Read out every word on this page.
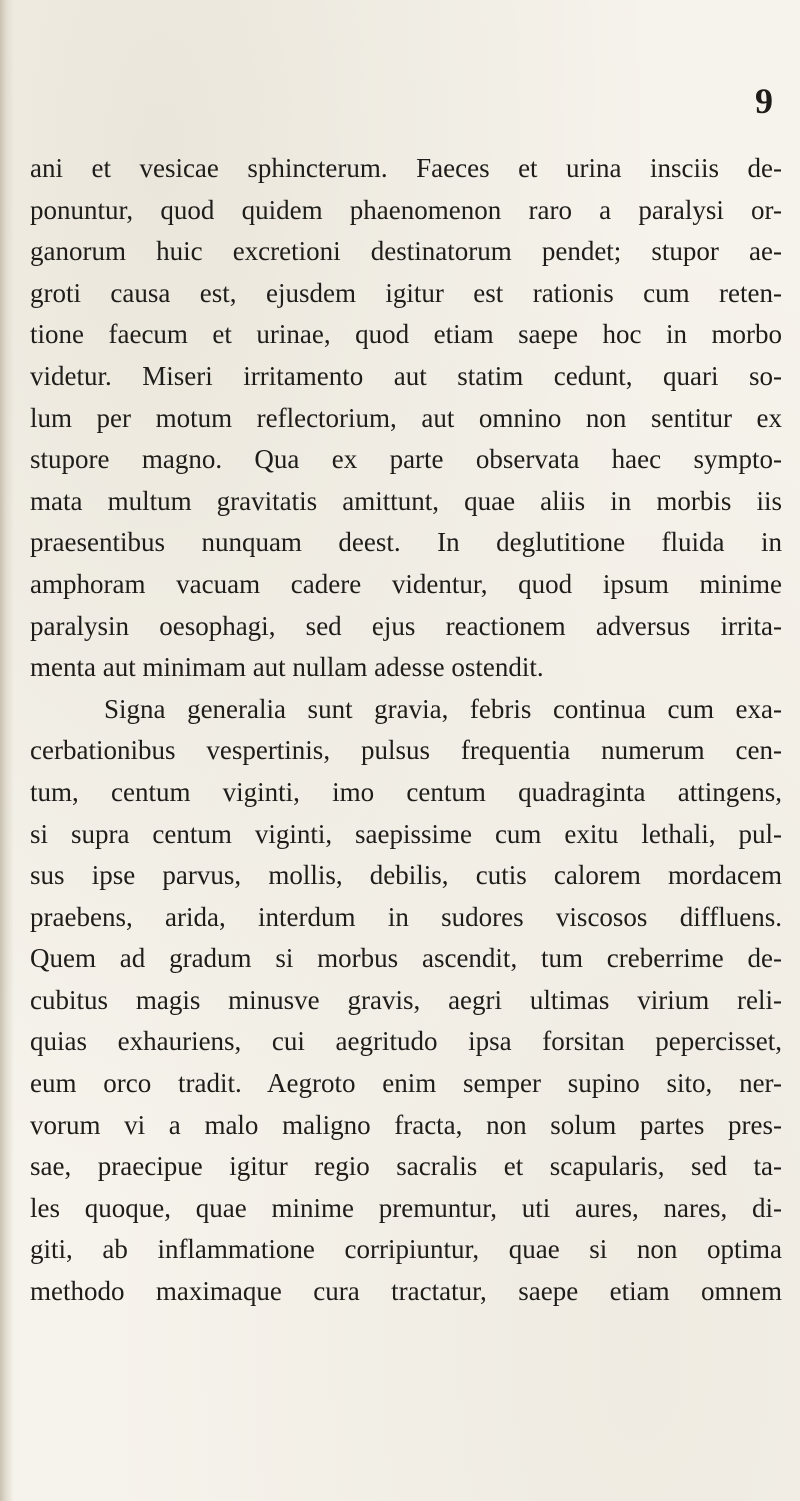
9
ani et vesicae sphincterum. Faeces et urina insciis de-
ponuntur, quod quidem phaenomenon raro a paralysi or-
ganorum huic excretioni destinatorum pendet; stupor ae-
groti causa est, ejusdem igitur est rationis cum reten-
tione faecum et urinae, quod etiam saepe hoc in morbo
videtur. Miseri irritamento aut statim cedunt, quari so-
lum per motum reflectorium, aut omnino non sentitur ex
stupore magno. Qua ex parte observata haec sympto-
mata multum gravitatis amittunt, quae aliis in morbis iis
praesentibus nunquam deest. In deglutitione fluida in
amphoram vacuam cadere videntur, quod ipsum minime
paralysin oesophagi, sed ejus reactionem adversus irrita-
menta aut minimam aut nullam adesse ostendit.
Signa generalia sunt gravia, febris continua cum exa-
cerbationibus vespertinis, pulsus frequentia numerum cen-
tum, centum viginti, imo centum quadraginta attingens,
si supra centum viginti, saepissime cum exitu lethali, pul-
sus ipse parvus, mollis, debilis, cutis calorem mordacem
praebens, arida, interdum in sudores viscosos diffluens.
Quem ad gradum si morbus ascendit, tum creberrime de-
cubitus magis minusve gravis, aegri ultimas virium reli-
quias exhauriens, cui aegritudo ipsa forsitan pepercisset,
eum orco tradit. Aegroto enim semper supino sito, ner-
vorum vi a malo maligno fracta, non solum partes pres-
sae, praecipue igitur regio sacralis et scapularis, sed ta-
les quoque, quae minime premuntur, uti aures, nares, di-
giti, ab inflammatione corripiuntur, quae si non optima
methodo maximaque cura tractatur, saepe etiam omnem
